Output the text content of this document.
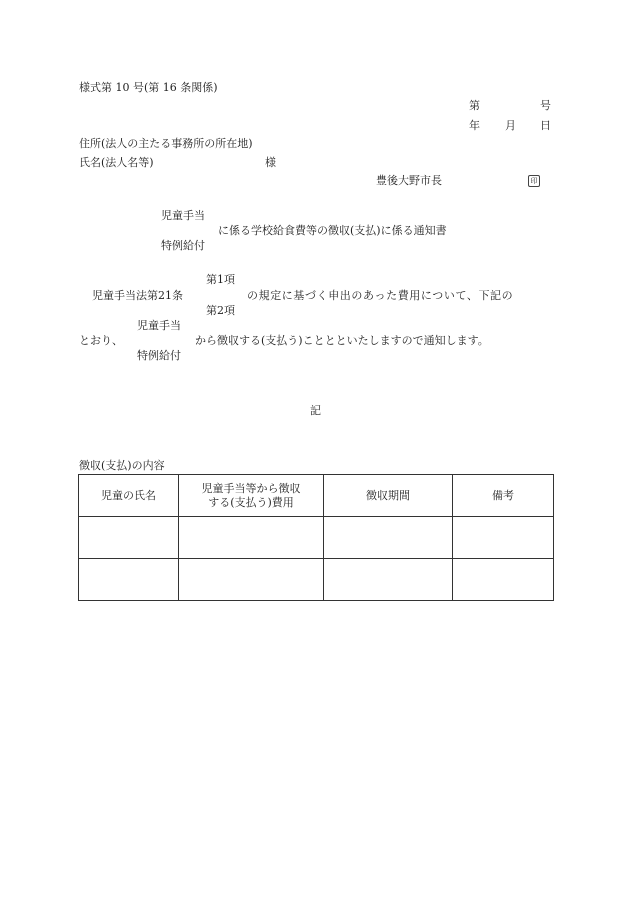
様式第 10 号(第 16 条関係)
第	号
年 月 日
住所(法人の主たる事務所の所在地)
氏名(法人名等)	様
豊後大野市長	印
児童手当
に係る学校給食費等の徴収(支払)に係る通知書
特例給付
第1項
児童手当法第21条	の規定に基づく申出のあった費用について、下記の
第2項
児童手当
とおり、	から徴収する(支払う)こととといたしますので通知します。
特例給付
記
徴収(支払)の内容
児童の氏名	児童手当等から徴収
する(支払う)費用	徴収期間	備考
